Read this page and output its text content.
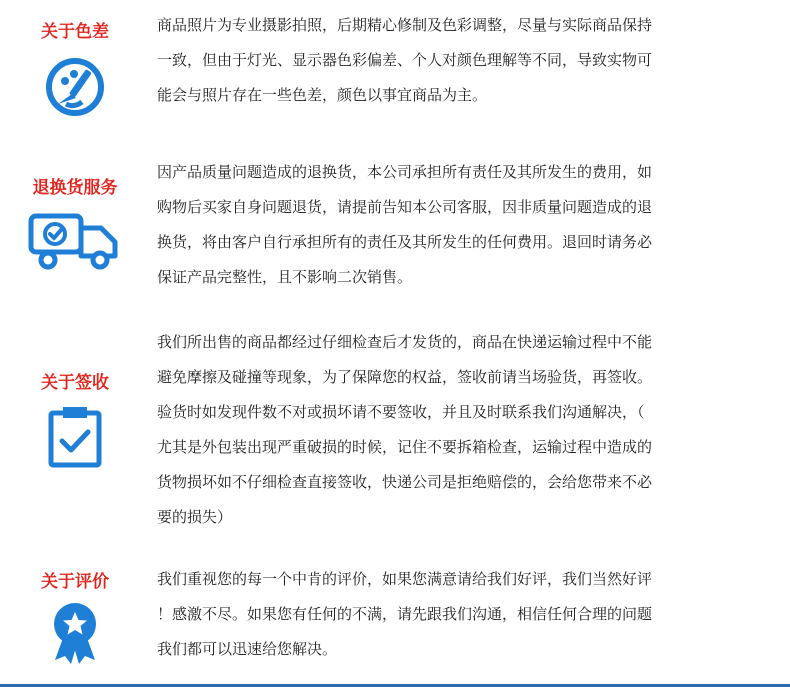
关于色差	商品照片为专业摄影拍照，后期精心修制及色彩调整，尽量与实际商品保持

一致，但由于灯光、显示器色彩偏差、个人对颜色理解等不同，导致实物可

能会与照片存在一些色差，颜色以事宜商品为主。

退换货服务

因产品质量问题造成的退换货，本公司承担所有责任及其所发生的费用，如

购物后买家自身问题退货，请提前告知本公司客服，因非质量问题造成的退

换货，将由客户自行承担所有的责任及其所发生的任何费用。退回时请务必

保证产品完整性，且不影响二次销售。

关于签收

我们所出售的商品都经过仔细检查后才发货的，商品在快递运输过程中不能

避免摩擦及碰撞等现象，为了保障您的权益，签收前请当场验货，再签收。

验货时如发现件数不对或损坏请不要签收，并且及时联系我们沟通解决，（

尤其是外包装出现严重破损的时候，记住不要拆箱检查，运输过程中造成的

货物损坏如不仔细检查直接签收，快递公司是拒绝赔偿的，会给您带来不必

要的损失）

关于评价	我们重视您的每一个中肯的评价，如果您满意请给我们好评，我们当然好评

！感激不尽。如果您有任何的不满，请先跟我们沟通，相信任何合理的问题

我们都可以迅速给您解决。
